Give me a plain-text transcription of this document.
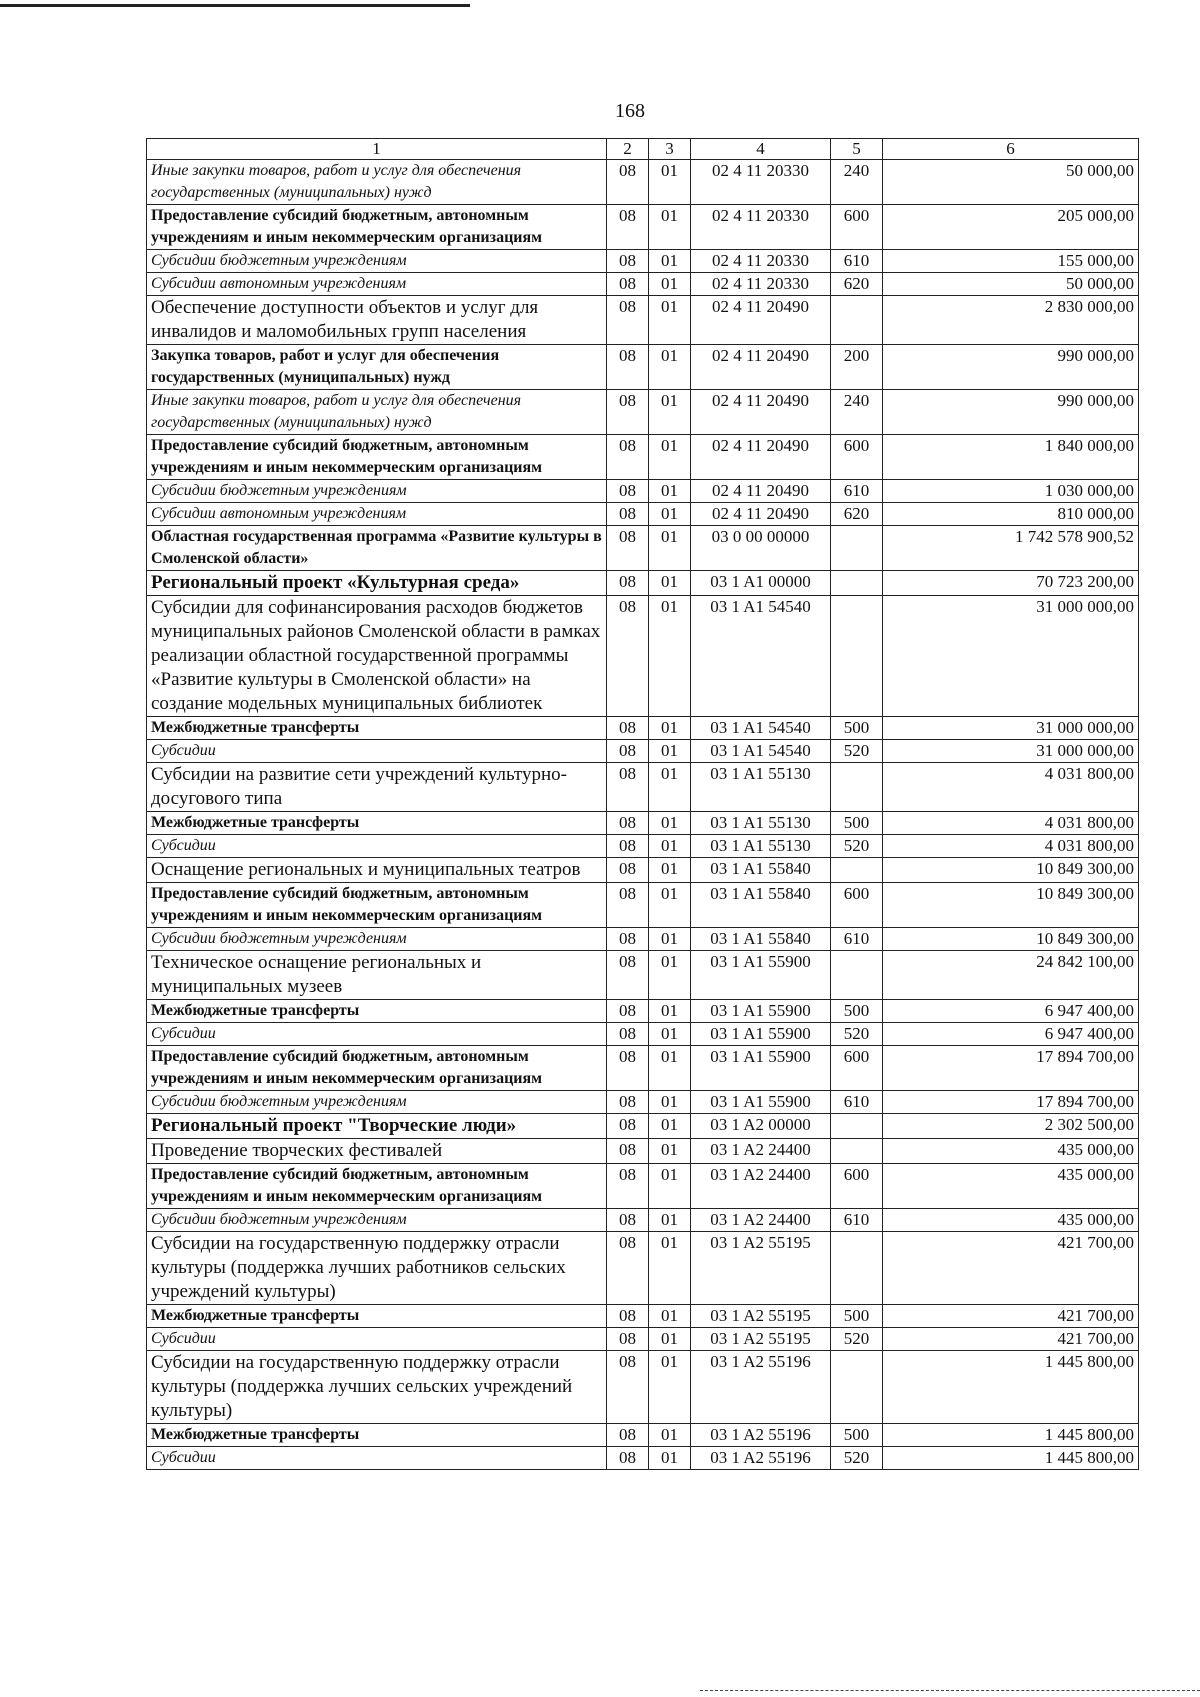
168
1	2	3	4	5	6
Иные закупки товаров, работ и услуг для обеспечения государственных (муниципальных) нужд	08	01	02 4 11 20330	240	50 000,00
Предоставление субсидий бюджетным, автономным учреждениям и иным некоммерческим организациям	08	01	02 4 11 20330	600	205 000,00
Субсидии бюджетным учреждениям	08	01	02 4 11 20330	610	155 000,00
Субсидии автономным учреждениям	08	01	02 4 11 20330	620	50 000,00
Обеспечение доступности объектов и услуг для инвалидов и маломобильных групп населения	08	01	02 4 11 20490		2 830 000,00
Закупка товаров, работ и услуг для обеспечения государственных (муниципальных) нужд	08	01	02 4 11 20490	200	990 000,00
Иные закупки товаров, работ и услуг для обеспечения государственных (муниципальных) нужд	08	01	02 4 11 20490	240	990 000,00
Предоставление субсидий бюджетным, автономным учреждениям и иным некоммерческим организациям	08	01	02 4 11 20490	600	1 840 000,00
Субсидии бюджетным учреждениям	08	01	02 4 11 20490	610	1 030 000,00
Субсидии автономным учреждениям	08	01	02 4 11 20490	620	810 000,00
Областная государственная программа «Развитие культуры в Смоленской области»	08	01	03 0 00 00000		1 742 578 900,52
Региональный проект «Культурная среда»	08	01	03 1 A1 00000		70 723 200,00
Субсидии для софинансирования расходов бюджетов муниципальных районов Смоленской области в рамках реализации областной государственной программы «Развитие культуры в Смоленской области» на создание модельных муниципальных библиотек	08	01	03 1 A1 54540		31 000 000,00
Межбюджетные трансферты	08	01	03 1 A1 54540	500	31 000 000,00
Субсидии	08	01	03 1 A1 54540	520	31 000 000,00
Субсидии на развитие сети учреждений культурно-досугового типа	08	01	03 1 A1 55130		4 031 800,00
Межбюджетные трансферты	08	01	03 1 A1 55130	500	4 031 800,00
Субсидии	08	01	03 1 A1 55130	520	4 031 800,00
Оснащение региональных и муниципальных театров	08	01	03 1 A1 55840		10 849 300,00
Предоставление субсидий бюджетным, автономным учреждениям и иным некоммерческим организациям	08	01	03 1 A1 55840	600	10 849 300,00
Субсидии бюджетным учреждениям	08	01	03 1 A1 55840	610	10 849 300,00
Техническое оснащение региональных и муниципальных музеев	08	01	03 1 A1 55900		24 842 100,00
Межбюджетные трансферты	08	01	03 1 A1 55900	500	6 947 400,00
Субсидии	08	01	03 1 A1 55900	520	6 947 400,00
Предоставление субсидий бюджетным, автономным учреждениям и иным некоммерческим организациям	08	01	03 1 A1 55900	600	17 894 700,00
Субсидии бюджетным учреждениям	08	01	03 1 A1 55900	610	17 894 700,00
Региональный проект "Творческие люди»	08	01	03 1 A2 00000		2 302 500,00
Проведение творческих фестивалей	08	01	03 1 A2 24400		435 000,00
Предоставление субсидий бюджетным, автономным учреждениям и иным некоммерческим организациям	08	01	03 1 A2 24400	600	435 000,00
Субсидии бюджетным учреждениям	08	01	03 1 A2 24400	610	435 000,00
Субсидии на государственную поддержку отрасли культуры (поддержка лучших работников сельских учреждений культуры)	08	01	03 1 A2 55195		421 700,00
Межбюджетные трансферты	08	01	03 1 A2 55195	500	421 700,00
Субсидии	08	01	03 1 A2 55195	520	421 700,00
Субсидии на государственную поддержку отрасли культуры (поддержка лучших сельских учреждений культуры)	08	01	03 1 A2 55196		1 445 800,00
Межбюджетные трансферты	08	01	03 1 A2 55196	500	1 445 800,00
Субсидии	08	01	03 1 A2 55196	520	1 445 800,00
